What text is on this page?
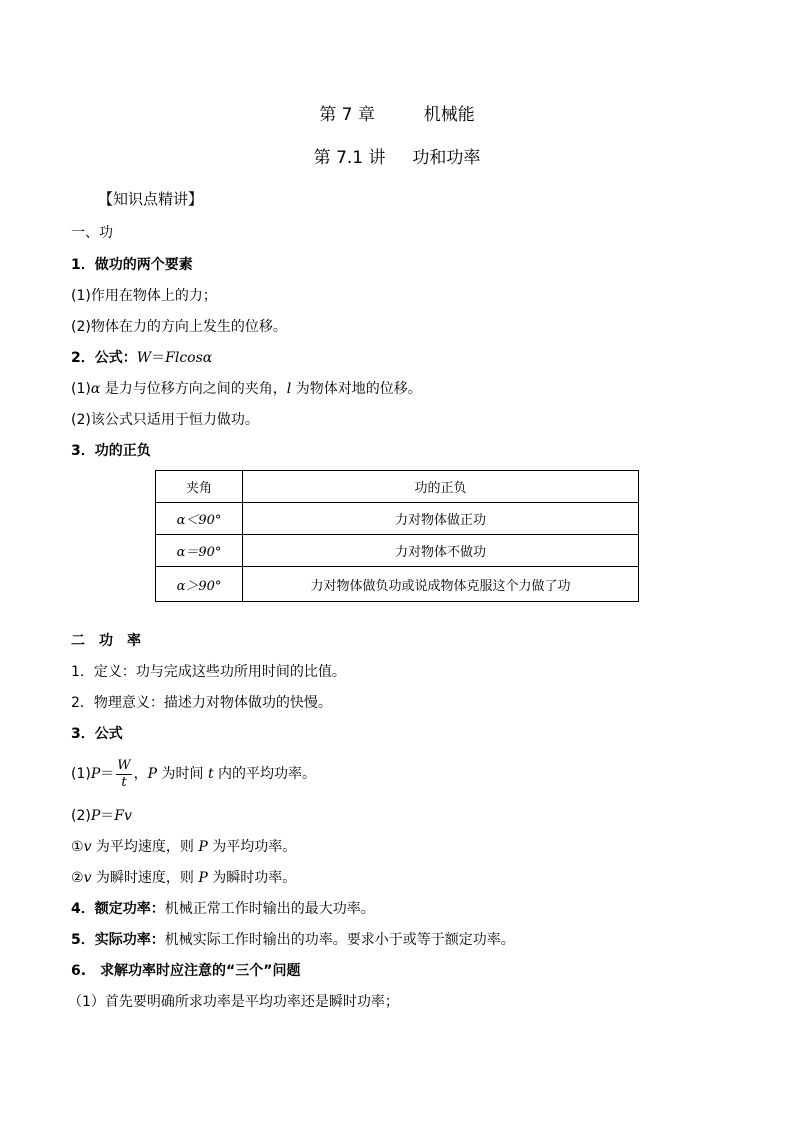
第 7 章	机械能
第 7.1 讲 功和功率
【知识点精讲】
一、功
1．做功的两个要素
(1)作用在物体上的力；
(2)物体在力的方向上发生的位移。
2．公式：W＝Flcosα
(1)α 是力与位移方向之间的夹角，l 为物体对地的位移。
(2)该公式只适用于恒力做功。
3．功的正负
夹角	功的正负
α＜90°	力对物体做正功
α＝90°	力对物体不做功
α＞90°	力对物体做负功或说成物体克服这个力做了功
二　功　率
1．定义：功与完成这些功所用时间的比值。
2．物理意义：描述力对物体做功的快慢。
3．公式
$(1)P= \frac{W}{t}$ ，P 为时间 t 内的平均功率。
(2)P＝Fv
①v 为平均速度，则 P 为平均功率。
②v 为瞬时速度，则 P 为瞬时功率。
4．额定功率：机械正常工作时输出的最大功率。
5．实际功率：机械实际工作时输出的功率。要求小于或等于额定功率。
6.　求解功率时应注意的“三个”问题
（1）首先要明确所求功率是平均功率还是瞬时功率；
